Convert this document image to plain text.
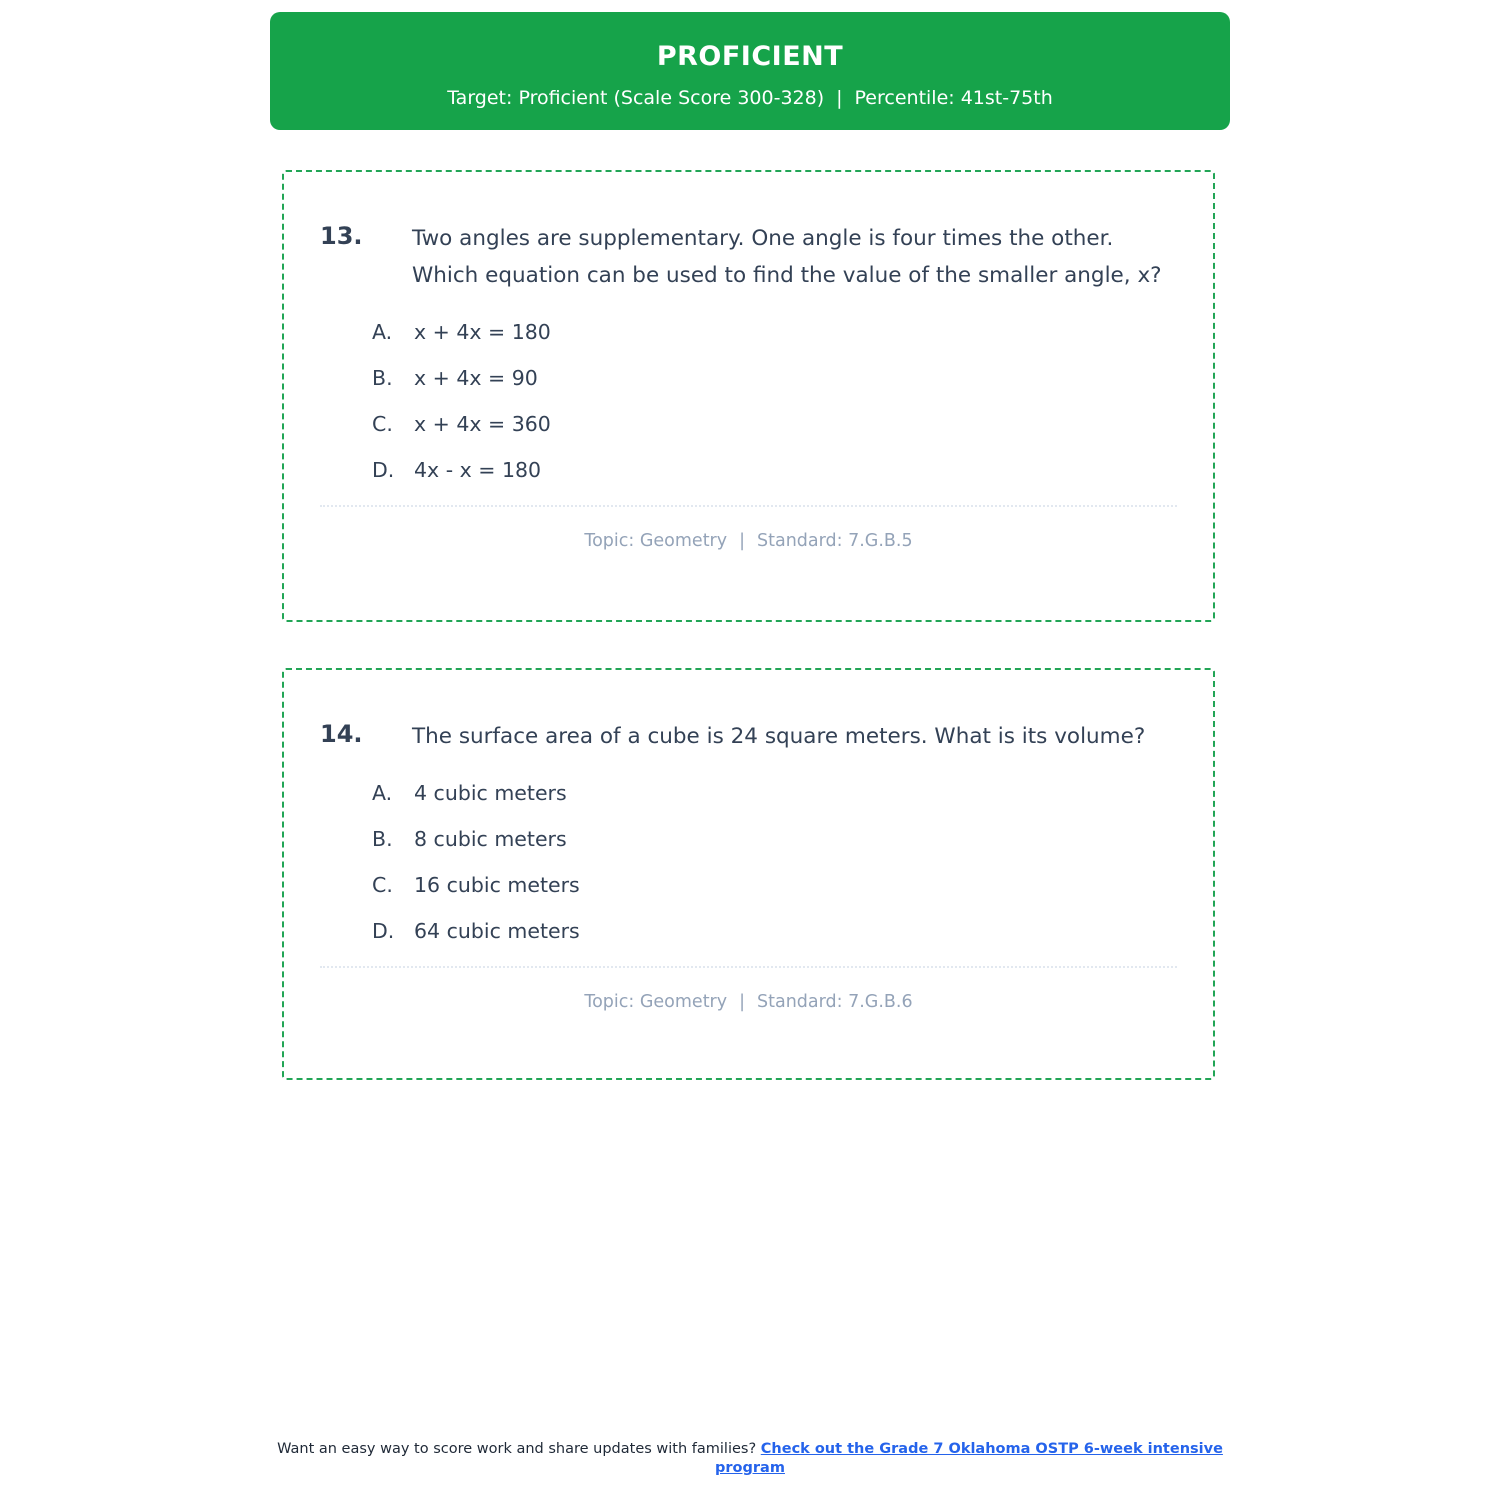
PROFICIENT
Target: Proficient (Scale Score 300-328) | Percentile: 41st-75th
13.	Two angles are supplementary. One angle is four times the other. Which equation can be used to find the value of the smaller angle, x?
A.	x + 4x = 180
B.	x + 4x = 90
C.	x + 4x = 360
D. 4x - x = 180
Topic: Geometry | Standard: 7.G.B.5
14.	The surface area of a cube is 24 square meters. What is its volume?
A.	4 cubic meters
B.	8 cubic meters
C.	16 cubic meters
D. 64 cubic meters
Topic: Geometry | Standard: 7.G.B.6
Want an easy way to score work and share updates with families? Check out the Grade 7 Oklahoma OSTP 6-week intensive program
